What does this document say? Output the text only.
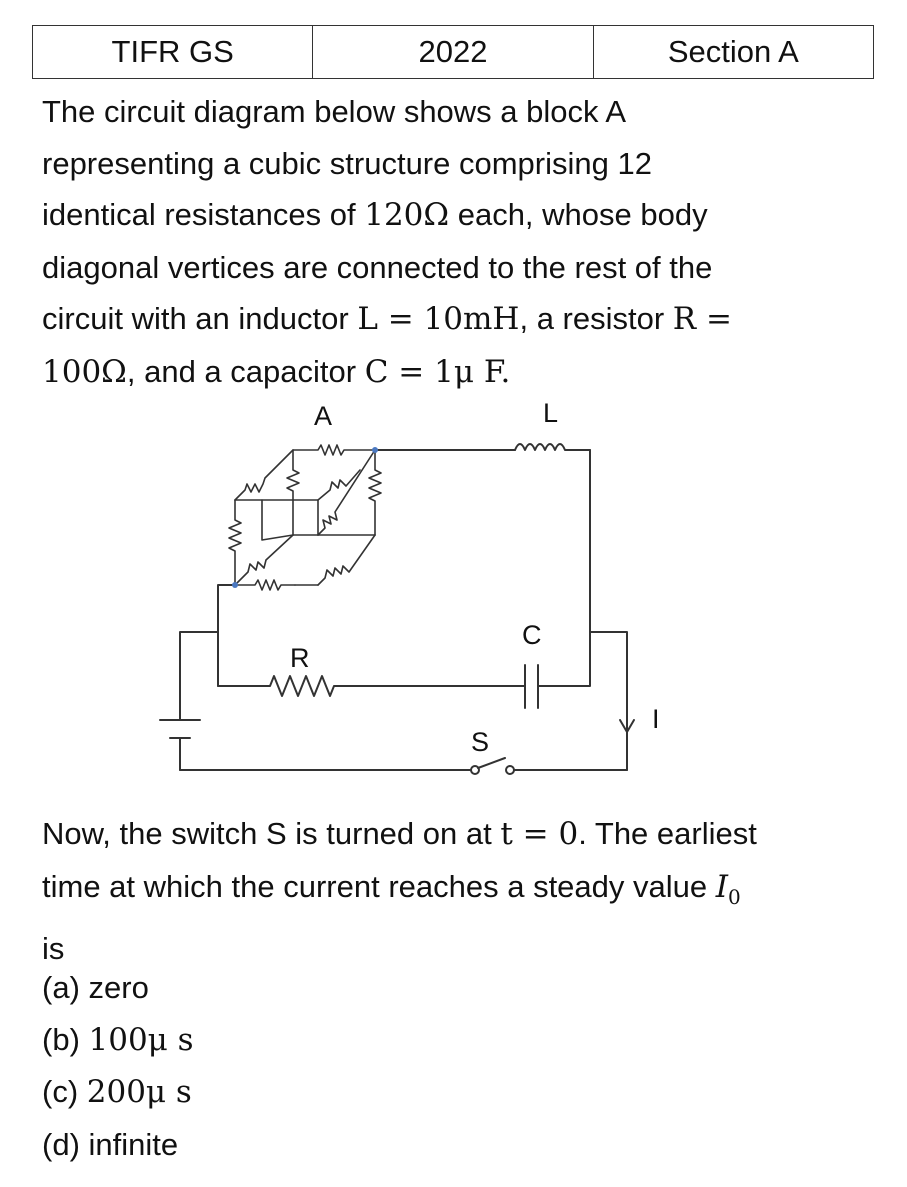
TIFR GS	2022	Section A
The circuit diagram below shows a block A
representing a cubic structure comprising 12
identical resistances of 120Ω each, whose body
diagonal vertices are connected to the rest of the
circuit with an inductor L = 10mH, a resistor R =
100Ω, and a capacitor C = 1μ F.
A	L
R
C
S
I
Now, the switch S is turned on at t = 0. The earliest
time at which the current reaches a steady value $I_0$
is
(a) zero
(b) 100μ s
(c) 200μ s
(d) infinite
